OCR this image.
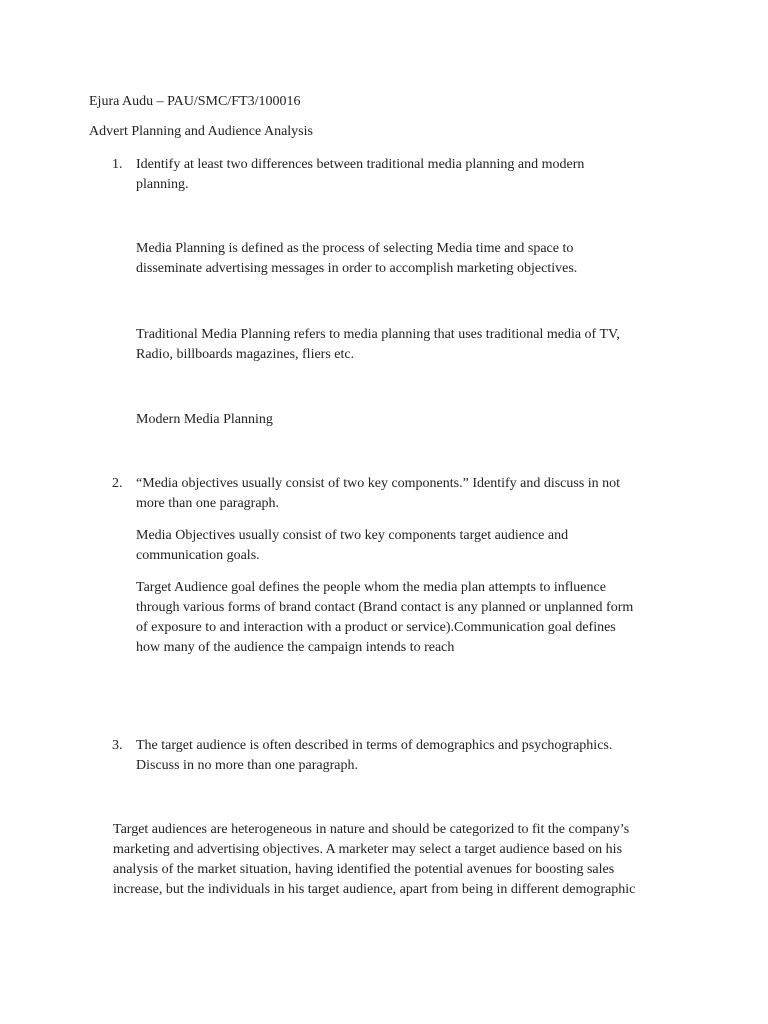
Ejura Audu – PAU/SMC/FT3/100016

Advert Planning and Audience Analysis

1. Identify at least two differences between traditional media planning and modern
planning.

Media Planning is defined as the process of selecting Media time and space to
disseminate advertising messages in order to accomplish marketing objectives.

Traditional Media Planning refers to media planning that uses traditional media of TV,
Radio, billboards magazines, fliers etc.

Modern Media Planning

2. “Media objectives usually consist of two key components.” Identify and discuss in not
more than one paragraph.

Media Objectives usually consist of two key components target audience and
communication goals.

Target Audience goal defines the people whom the media plan attempts to influence
through various forms of brand contact (Brand contact is any planned or unplanned form
of exposure to and interaction with a product or service).Communication goal defines
how many of the audience the campaign intends to reach

3. The target audience is often described in terms of demographics and psychographics.
Discuss in no more than one paragraph.

Target audiences are heterogeneous in nature and should be categorized to fit the company’s
marketing and advertising objectives. A marketer may select a target audience based on his
analysis of the market situation, having identified the potential avenues for boosting sales
increase, but the individuals in his target audience, apart from being in different demographic
